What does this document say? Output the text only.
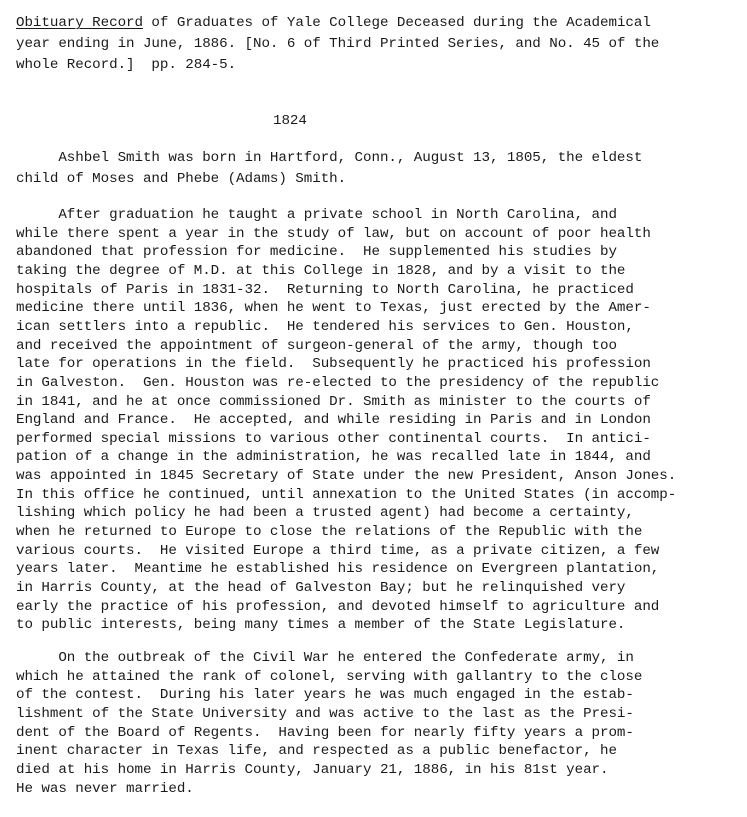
Obituary Record of Graduates of Yale College Deceased during the Academical
year ending in June, 1886. [No. 6 of Third Printed Series, and No. 45 of the
whole Record.]  pp. 284-5.
1824
Ashbel Smith was born in Hartford, Conn., August 13, 1805, the eldest
child of Moses and Phebe (Adams) Smith.
After graduation he taught a private school in North Carolina, and
while there spent a year in the study of law, but on account of poor health
abandoned that profession for medicine.  He supplemented his studies by
taking the degree of M.D. at this College in 1828, and by a visit to the
hospitals of Paris in 1831-32.  Returning to North Carolina, he practiced
medicine there until 1836, when he went to Texas, just erected by the Amer-
ican settlers into a republic.  He tendered his services to Gen. Houston,
and received the appointment of surgeon-general of the army, though too
late for operations in the field.  Subsequently he practiced his profession
in Galveston.  Gen. Houston was re-elected to the presidency of the republic
in 1841, and he at once commissioned Dr. Smith as minister to the courts of
England and France.  He accepted, and while residing in Paris and in London
performed special missions to various other continental courts.  In antici-
pation of a change in the administration, he was recalled late in 1844, and
was appointed in 1845 Secretary of State under the new President, Anson Jones.
In this office he continued, until annexation to the United States (in accomp-
lishing which policy he had been a trusted agent) had become a certainty,
when he returned to Europe to close the relations of the Republic with the
various courts.  He visited Europe a third time, as a private citizen, a few
years later.  Meantime he established his residence on Evergreen plantation,
in Harris County, at the head of Galveston Bay; but he relinquished very
early the practice of his profession, and devoted himself to agriculture and
to public interests, being many times a member of the State Legislature.
On the outbreak of the Civil War he entered the Confederate army, in
which he attained the rank of colonel, serving with gallantry to the close
of the contest.  During his later years he was much engaged in the estab-
lishment of the State University and was active to the last as the Presi-
dent of the Board of Regents.  Having been for nearly fifty years a prom-
inent character in Texas life, and respected as a public benefactor, he
died at his home in Harris County, January 21, 1886, in his 81st year.
He was never married.
